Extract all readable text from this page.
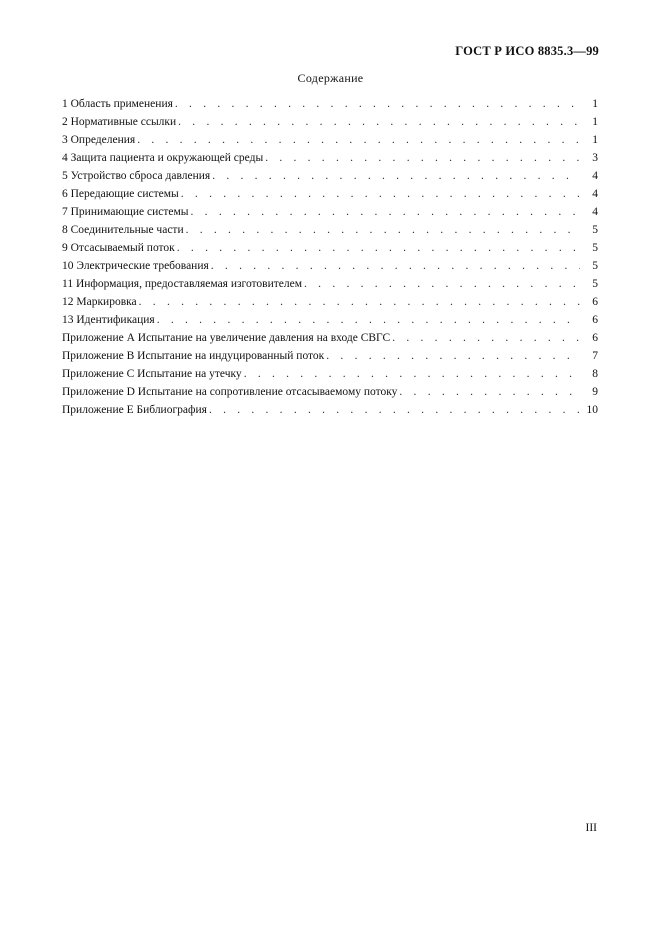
ГОСТ Р ИСО 8835.3—99
Содержание
1 Область применения . . .	1
2 Нормативные ссылки . . .	1
3 Определения . . .	1
4 Защита пациента и окружающей среды . . .	3
5 Устройство сброса давления . . .	4
6 Передающие системы . . .	4
7 Принимающие системы . . .	4
8 Соединительные части . . .	5
9 Отсасываемый поток . . .	5
10 Электрические требования . . .	5
11 Информация, предоставляемая изготовителем . . .	5
12 Маркировка . . .	6
13 Идентификация . . .	6
Приложение А Испытание на увеличение давления на входе СВГС . . .	6
Приложение В Испытание на индуцированный поток . . .	7
Приложение С Испытание на утечку . . .	8
Приложение D Испытание на сопротивление отсасываемому потоку . . .	9
Приложение Е Библиография . . .	10
III
